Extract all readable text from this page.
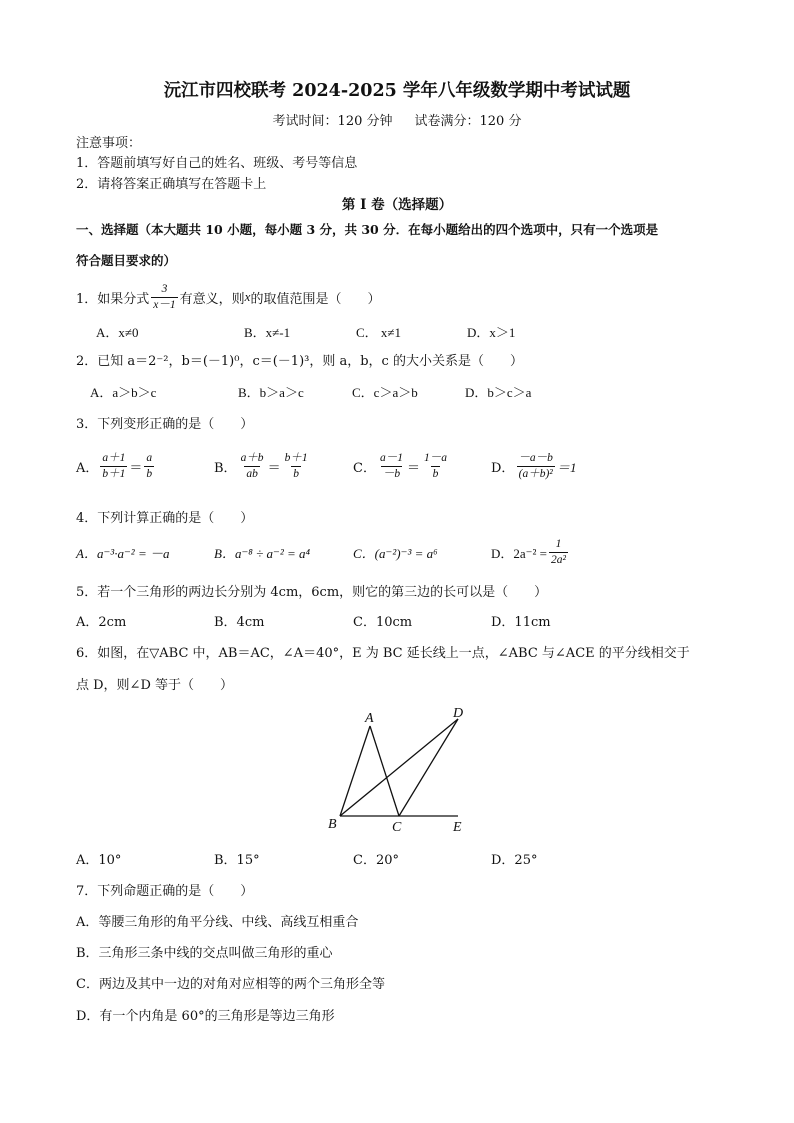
沅江市四校联考 2024-2025 学年八年级数学期中考试试题
考试时间：120 分钟 试卷满分：120 分
注意事项：
1．答题前填写好自己的姓名、班级、考号等信息
2．请将答案正确填写在答题卡上
第 I 卷（选择题）
一、选择题（本大题共 10 小题，每小题 3 分，共 30 分．在每小题给出的四个选项中，只有一个选项是
符合题目要求的）
1．如果分式 $\frac{3}{x-1}$ 有意义，则 x 的取值范围是（　　）
A．x≠0	B．x≠-1	C． x≠1	D．x＞1
2．已知 a＝2⁻²，b＝(－1)⁰，c＝(－1)³，则 a，b，c 的大小关系是（　　）
A．a＞b＞c	B．b＞a＞c	C．c＞a＞b	D．b＞c＞a
3．下列变形正确的是（　　）
A． $\frac{a+1}{b+1} = \frac{a}{b}$	B． $\frac{a+b}{ab} = \frac{b+1}{b}$	C． $\frac{a-1}{-b} = \frac{1-a}{b}$	D． $\frac{-a-b}{\text{(a＋b)²}} =1$
4．下列计算正确的是（　　）
A．a⁻³·a⁻² = －a	B．a⁻⁸ ÷ a⁻² = a⁴	C．(a⁻²)⁻³ = a⁶	D．$2a^{-2} = \frac{1}{\text{2a²}}$
5．若一个三角形的两边长分别为 4cm，6cm，则它的第三边的长可以是（　　）
A．2cm	B．4cm	C．10cm	D．11cm
6．如图，在▽ABC 中，AB＝AC，∠A＝40°，E 为 BC 延长线上一点，∠ABC 与∠ACE 的平分线相交于
点 D，则∠D 等于（　　）
A	D
B	C	E
A．10°	B．15°	C．20°	D．25°
7．下列命题正确的是（　　）
A．等腰三角形的角平分线、中线、高线互相重合
B．三角形三条中线的交点叫做三角形的重心
C．两边及其中一边的对角对应相等的两个三角形全等
D．有一个内角是 60°的三角形是等边三角形
